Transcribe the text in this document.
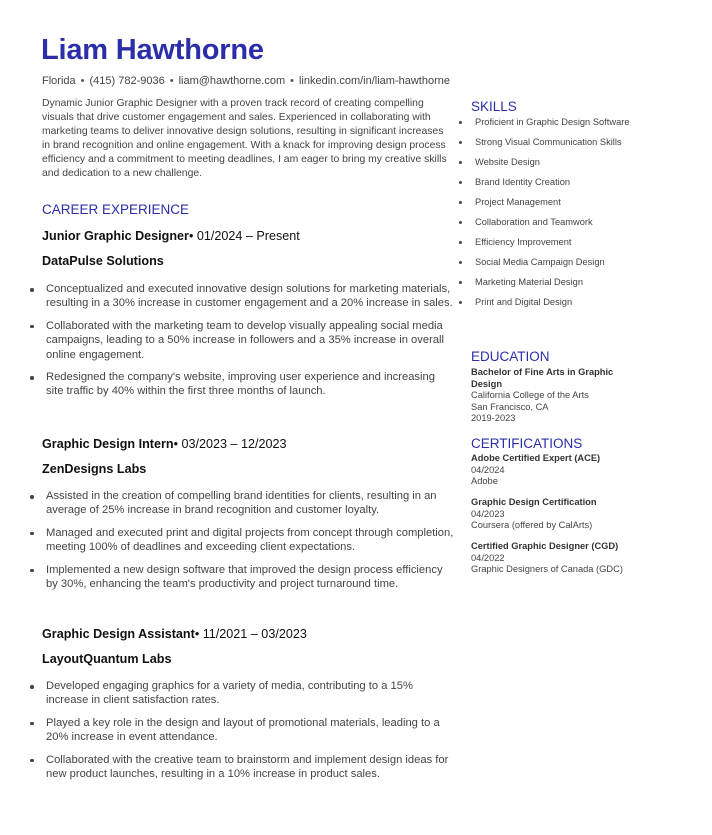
Liam Hawthorne
Florida • (415) 782-9036 • liam@hawthorne.com • linkedin.com/in/liam-hawthorne

Dynamic Junior Graphic Designer with a proven track record of creating compelling visuals that drive customer engagement and sales. Experienced in collaborating with marketing teams to deliver innovative design solutions, resulting in significant increases in brand recognition and online engagement. With a knack for improving design process efficiency and a commitment to meeting deadlines, I am eager to bring my creative skills and dedication to a new challenge.

CAREER EXPERIENCE

Junior Graphic Designer• 01/2024 – Present

DataPulse Solutions

Conceptualized and executed innovative design solutions for marketing materials, resulting in a 30% increase in customer engagement and a 20% increase in sales.
Collaborated with the marketing team to develop visually appealing social media campaigns, leading to a 50% increase in followers and a 35% increase in overall online engagement.
Redesigned the company's website, improving user experience and increasing site traffic by 40% within the first three months of launch.

Graphic Design Intern• 03/2023 – 12/2023

ZenDesigns Labs

Assisted in the creation of compelling brand identities for clients, resulting in an average of 25% increase in brand recognition and customer loyalty.
Managed and executed print and digital projects from concept through completion, meeting 100% of deadlines and exceeding client expectations.
Implemented a new design software that improved the design process efficiency by 30%, enhancing the team's productivity and project turnaround time.

Graphic Design Assistant• 11/2021 – 03/2023

LayoutQuantum Labs

Developed engaging graphics for a variety of media, contributing to a 15% increase in client satisfaction rates.
Played a key role in the design and layout of promotional materials, leading to a 20% increase in event attendance.
Collaborated with the creative team to brainstorm and implement design ideas for new product launches, resulting in a 10% increase in product sales.
SKILLS
Proficient in Graphic Design Software
Strong Visual Communication Skills
Website Design
Brand Identity Creation
Project Management
Collaboration and Teamwork
Efficiency Improvement
Social Media Campaign Design
Marketing Material Design
Print and Digital Design
EDUCATION
Bachelor of Fine Arts in Graphic Design
California College of the Arts
San Francisco, CA
2019-2023
CERTIFICATIONS
Adobe Certified Expert (ACE)
04/2024
Adobe
Graphic Design Certification
04/2023
Coursera (offered by CalArts)
Certified Graphic Designer (CGD)
04/2022
Graphic Designers of Canada (GDC)
